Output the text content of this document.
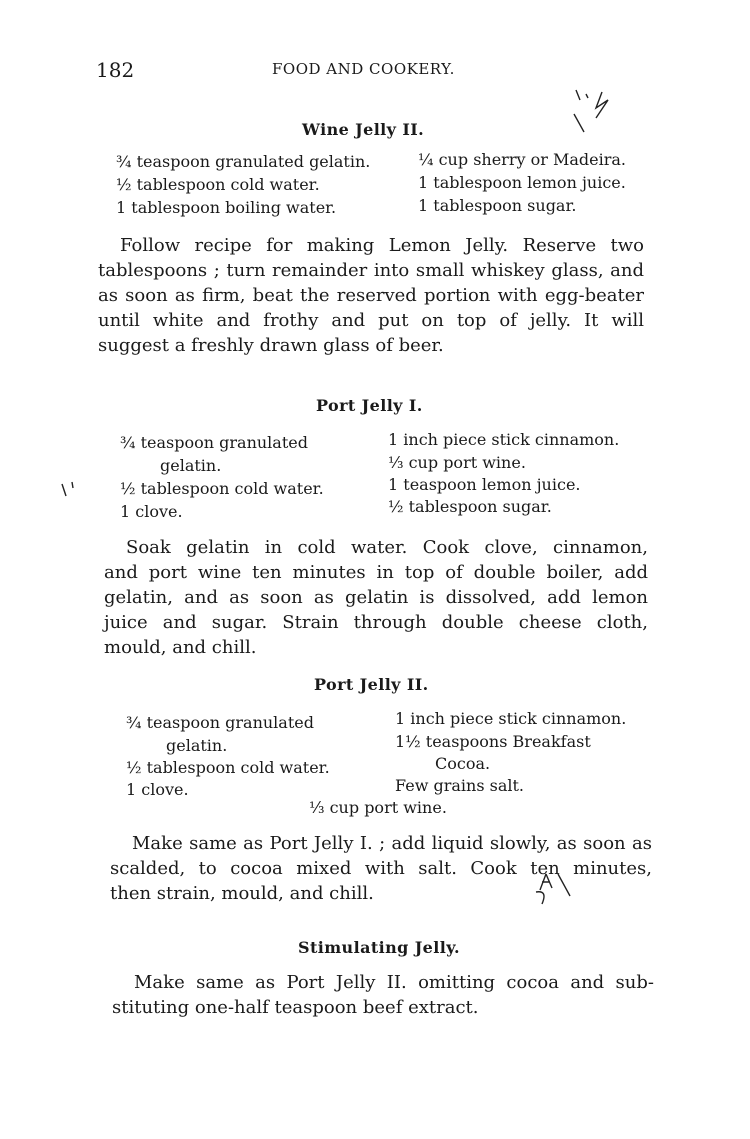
182	FOOD AND COOKERY.
Wine Jelly II.
¾ teaspoon granulated gelatin.
½ tablespoon cold water.
1 tablespoon boiling water.
¼ cup sherry or Madeira.
1 tablespoon lemon juice.
1 tablespoon sugar.
Follow recipe for making Lemon Jelly. Reserve two
tablespoons ; turn remainder into small whiskey glass, and
as soon as firm, beat the reserved portion with egg-beater
until white and frothy and put on top of jelly. It will
suggest a freshly drawn glass of beer.
Port Jelly I.
¾ teaspoon granulated
gelatin.
½ tablespoon cold water.
1 clove.
1 inch piece stick cinnamon.
⅓ cup port wine.
1 teaspoon lemon juice.
½ tablespoon sugar.
Soak gelatin in cold water. Cook clove, cinnamon,
and port wine ten minutes in top of double boiler, add
gelatin, and as soon as gelatin is dissolved, add lemon
juice and sugar. Strain through double cheese cloth,
mould, and chill.
Port Jelly II.
¾ teaspoon granulated
gelatin.
½ tablespoon cold water.
1 clove.
1 inch piece stick cinnamon.
1½ teaspoons Breakfast
Cocoa.
Few grains salt.
⅓ cup port wine.
Make same as Port Jelly I. ; add liquid slowly, as soon as
scalded, to cocoa mixed with salt. Cook ten minutes,
then strain, mould, and chill.
Stimulating Jelly.
Make same as Port Jelly II. omitting cocoa and sub-
stituting one-half teaspoon beef extract.
